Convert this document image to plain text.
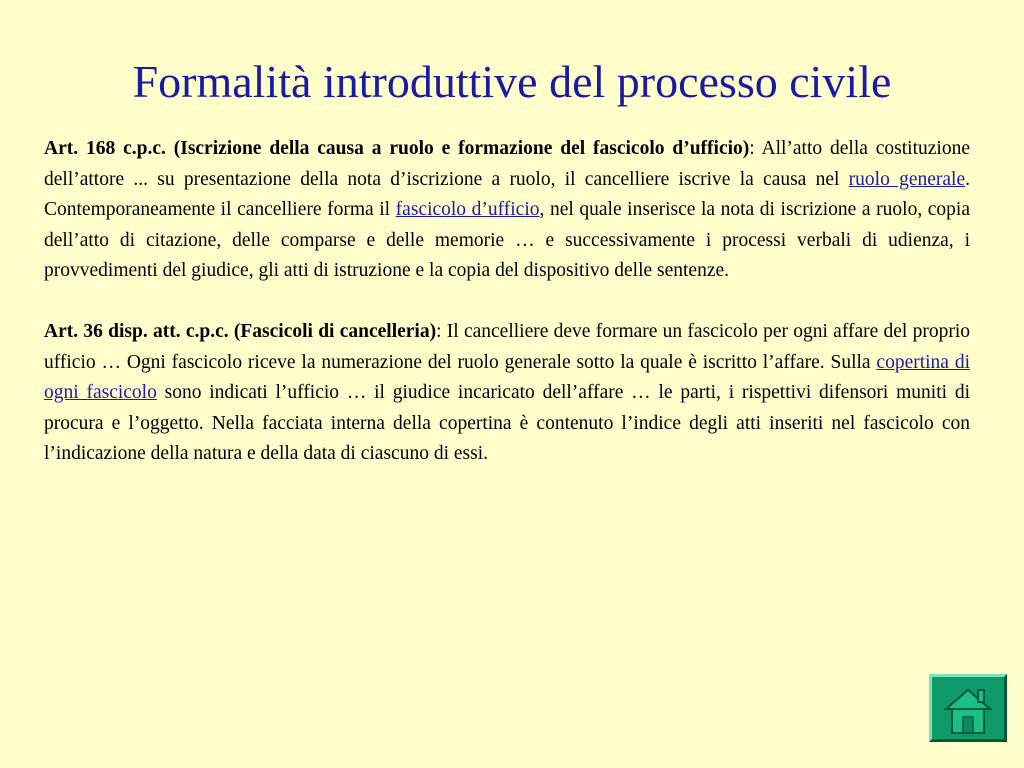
Formalità introduttive del processo civile

Art. 168 c.p.c. (Iscrizione della causa a ruolo e formazione del fascicolo d’ufficio): All’atto della costituzione dell’attore ... su presentazione della nota d’iscrizione a ruolo, il cancelliere iscrive la causa nel ruolo generale. Contemporaneamente il cancelliere forma il fascicolo d’ufficio, nel quale inserisce la nota di iscrizione a ruolo, copia dell’atto di citazione, delle comparse e delle memorie … e successivamente i processi verbali di udienza, i provvedimenti del giudice, gli atti di istruzione e la copia del dispositivo delle sentenze.

Art. 36 disp. att. c.p.c. (Fascicoli di cancelleria): Il cancelliere deve formare un fascicolo per ogni affare del proprio ufficio … Ogni fascicolo riceve la numerazione del ruolo generale sotto la quale è iscritto l’affare. Sulla copertina di ogni fascicolo sono indicati l’ufficio … il giudice incaricato dell’affare … le parti, i rispettivi difensori muniti di procura e l’oggetto. Nella facciata interna della copertina è contenuto l’indice degli atti inseriti nel fascicolo con l’indicazione della natura e della data di ciascuno di essi.
